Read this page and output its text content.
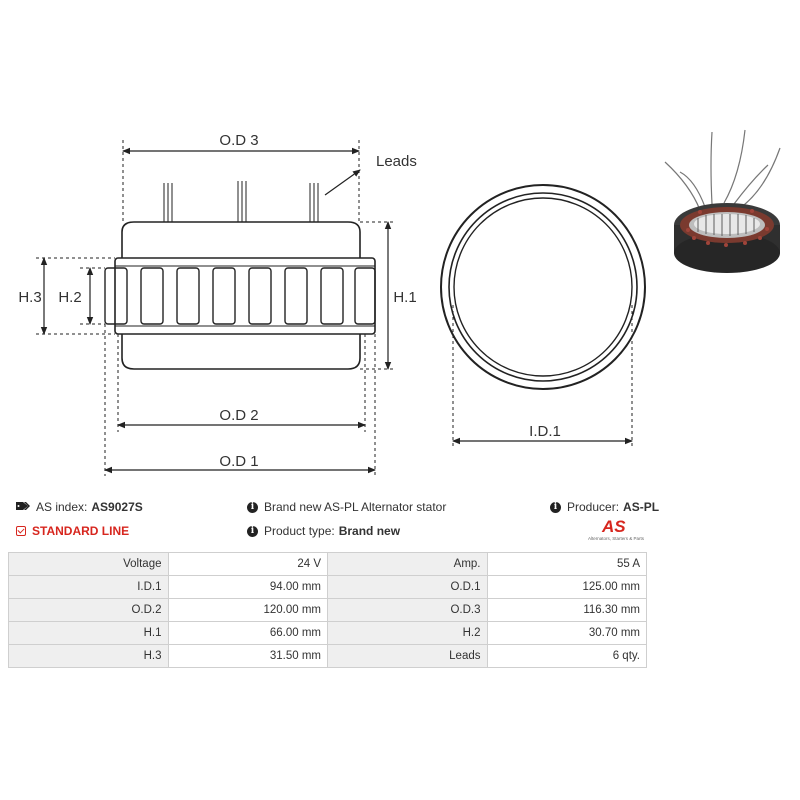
O.D 3
Leads
H.3 H.2	H.1
O.D 2
O.D 1
I.D.1
AS index: AS9027S	i Brand new AS-PL Alternator stator	i Producer: AS-PL
STANDARD LINE	i Product type: Brand new	AS
Alternators, Starters & Parts
Voltage	24 V	Amp.	55 A
I.D.1	94.00 mm	O.D.1	125.00 mm
O.D.2	120.00 mm	O.D.3	116.30 mm
H.1	66.00 mm	H.2	30.70 mm
H.3	31.50 mm	Leads	6 qty.
